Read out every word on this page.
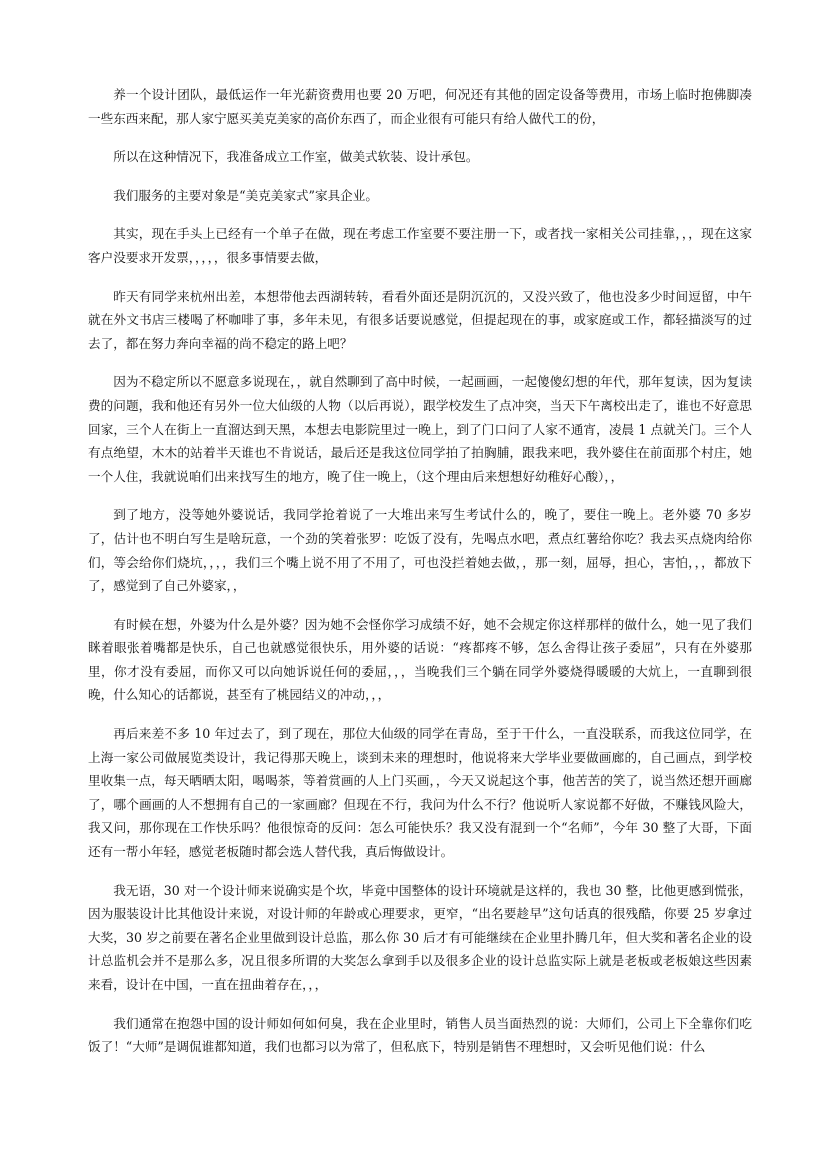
养一个设计团队，最低运作一年光薪资费用也要 20 万吧，何况还有其他的固定设备等费用，市场上临时抱佛脚凑一些东西来配，那人家宁愿买美克美家的高价东西了，而企业很有可能只有给人做代工的份，

所以在这种情况下，我准备成立工作室，做美式软装、设计承包。

我们服务的主要对象是“美克美家式”家具企业。

其实，现在手头上已经有一个单子在做，现在考虑工作室要不要注册一下，或者找一家相关公司挂靠，，，现在这家客户没要求开发票，，，，，很多事情要去做，

昨天有同学来杭州出差，本想带他去西湖转转，看看外面还是阴沉沉的，又没兴致了，他也没多少时间逗留，中午就在外文书店三楼喝了杯咖啡了事，多年未见，有很多话要说感觉，但提起现在的事，或家庭或工作，都轻描淡写的过去了，都在努力奔向幸福的尚不稳定的路上吧？

因为不稳定所以不愿意多说现在，，就自然聊到了高中时候，一起画画，一起傻傻幻想的年代，那年复读，因为复读费的问题，我和他还有另外一位大仙级的人物（以后再说），跟学校发生了点冲突，当天下午离校出走了，谁也不好意思回家，三个人在街上一直溜达到天黑，本想去电影院里过一晚上，到了门口问了人家不通宵，凌晨 1 点就关门。三个人有点绝望，木木的站着半天谁也不肯说话，最后还是我这位同学拍了拍胸脯，跟我来吧，我外婆住在前面那个村庄，她一个人住，我就说咱们出来找写生的地方，晚了住一晚上，（这个理由后来想想好幼稚好心酸），，

到了地方，没等她外婆说话，我同学抢着说了一大堆出来写生考试什么的，晚了，要住一晚上。老外婆 70 多岁了，估计也不明白写生是啥玩意，一个劲的笑着张罗：吃饭了没有，先喝点水吧，煮点红薯给你吃？我去买点烧肉给你们，等会给你们烧坑，，，，我们三个嘴上说不用了不用了，可也没拦着她去做，，那一刻，屈辱，担心，害怕，，，都放下了，感觉到了自己外婆家，，

有时候在想，外婆为什么是外婆？因为她不会怪你学习成绩不好，她不会规定你这样那样的做什么，她一见了我们眯着眼张着嘴都是快乐，自己也就感觉很快乐，用外婆的话说：“疼都疼不够，怎么舍得让孩子委屈”，只有在外婆那里，你才没有委屈，而你又可以向她诉说任何的委屈，，，当晚我们三个躺在同学外婆烧得暖暖的大炕上，一直聊到很晚，什么知心的话都说，甚至有了桃园结义的冲动，，，

再后来差不多 10 年过去了，到了现在，那位大仙级的同学在青岛，至于干什么，一直没联系，而我这位同学，在上海一家公司做展览类设计，我记得那天晚上，谈到未来的理想时，他说将来大学毕业要做画廊的，自己画点，到学校里收集一点，每天晒晒太阳，喝喝茶，等着赏画的人上门买画，，今天又说起这个事，他苦苦的笑了，说当然还想开画廊了，哪个画画的人不想拥有自己的一家画廊？但现在不行，我问为什么不行？他说听人家说都不好做，不赚钱风险大，我又问，那你现在工作快乐吗？他很惊奇的反问：怎么可能快乐？我又没有混到一个“名师”，今年 30 整了大哥，下面还有一帮小年轻，感觉老板随时都会选人替代我，真后悔做设计。

我无语，30 对一个设计师来说确实是个坎，毕竟中国整体的设计环境就是这样的，我也 30 整，比他更感到慌张，因为服装设计比其他设计来说，对设计师的年龄或心理要求，更窄，“出名要趁早”这句话真的很残酷，你要 25 岁拿过大奖，30 岁之前要在著名企业里做到设计总监，那么你 30 后才有可能继续在企业里扑腾几年，但大奖和著名企业的设计总监机会并不是那么多，况且很多所谓的大奖怎么拿到手以及很多企业的设计总监实际上就是老板或老板娘这些因素来看，设计在中国，一直在扭曲着存在，，，

我们通常在抱怨中国的设计师如何如何臭，我在企业里时，销售人员当面热烈的说：大师们，公司上下全靠你们吃饭了！“大师”是调侃谁都知道，我们也都习以为常了，但私底下，特别是销售不理想时，又会听见他们说：什么
